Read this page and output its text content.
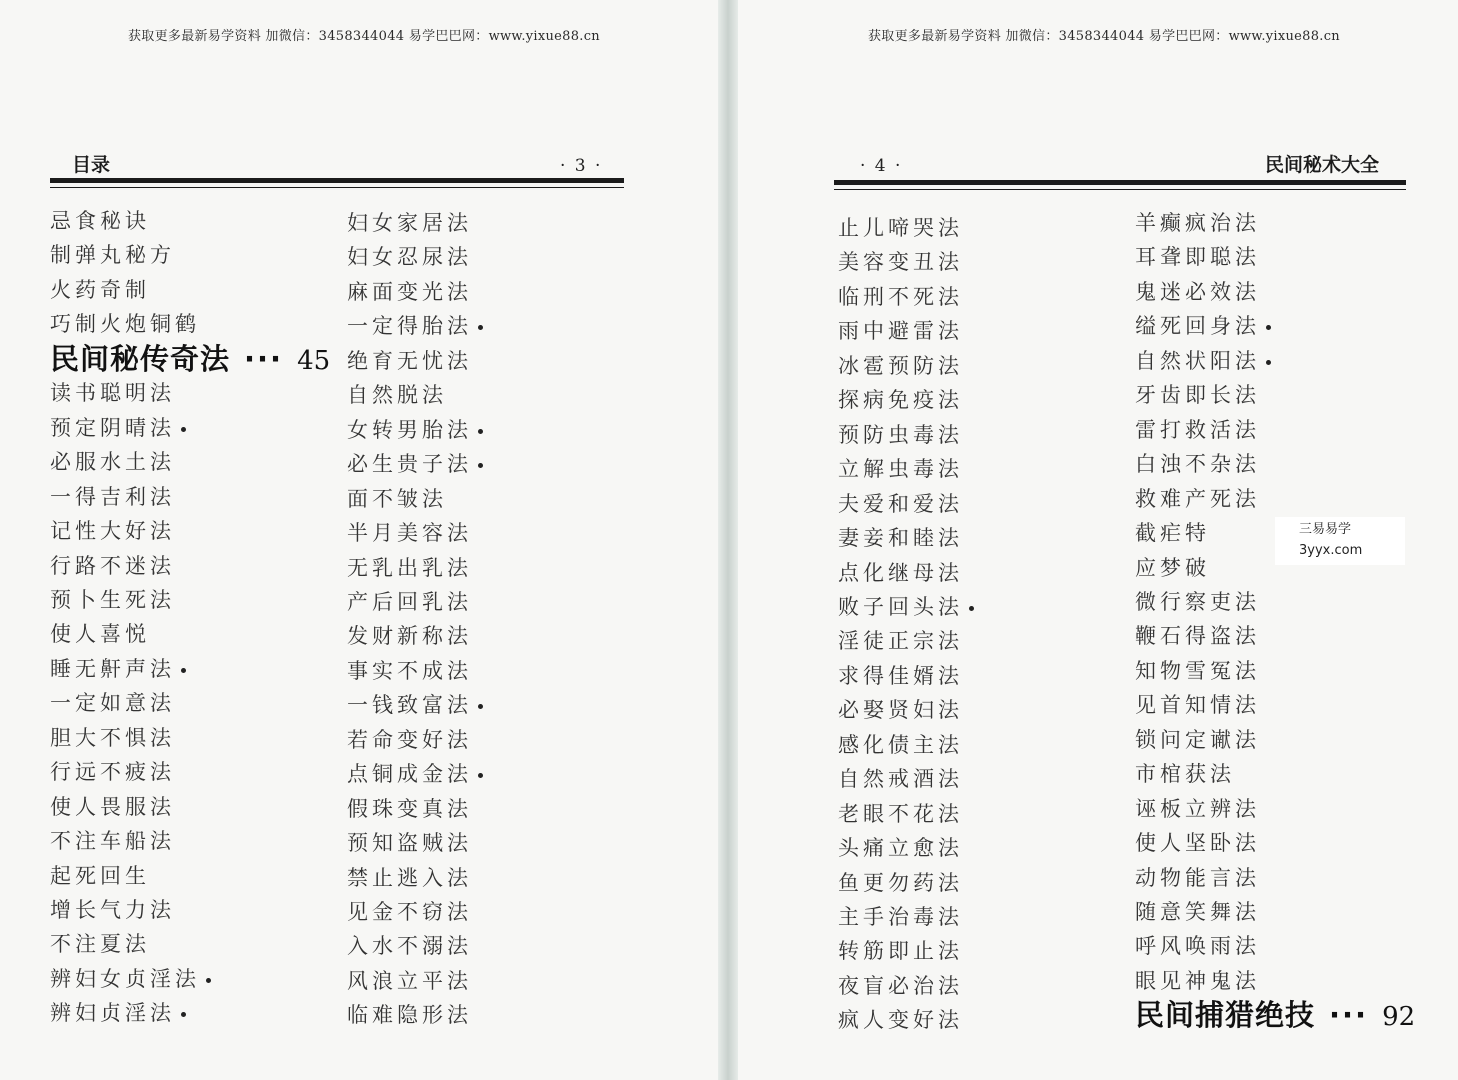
获取更多最新易学资料 加微信：3458344044 易学巴巴网：www.yixue88.cn
目录	· 3 ·
忌食秘诀
制弹丸秘方
火药奇制
巧制火炮铜鹤
民间秘传奇法 ··· 45
读书聪明法
预定阴晴法
必服水土法
一得吉利法
记性大好法
行路不迷法
预卜生死法
使人喜悦
睡无鼾声法
一定如意法
胆大不惧法
行远不疲法
使人畏服法
不注车船法
起死回生
增长气力法
不注夏法
辨妇女贞淫法
辨妇贞淫法
妇女家居法
妇女忍尿法
麻面变光法
一定得胎法
绝育无忧法
自然脱法
女转男胎法
必生贵子法
面不皱法
半月美容法
无乳出乳法
产后回乳法
发财新称法
事实不成法
一钱致富法
若命变好法
点铜成金法
假珠变真法
预知盗贼法
禁止逃入法
见金不窃法
入水不溺法
风浪立平法
临难隐形法
获取更多最新易学资料 加微信：3458344044 易学巴巴网：www.yixue88.cn
· 4 ·	民间秘术大全
止儿啼哭法
美容变丑法
临刑不死法
雨中避雷法
冰雹预防法
探病免疫法
预防虫毒法
立解虫毒法
夫爱和爱法
妻妾和睦法
点化继母法
败子回头法
淫徒正宗法
求得佳婿法
必娶贤妇法
感化债主法
自然戒酒法
老眼不花法
头痛立愈法
鱼更勿药法
主手治毒法
转筋即止法
夜盲必治法
疯人变好法
羊癫疯治法
耳聋即聪法
鬼迷必效法
缢死回身法
自然状阳法
牙齿即长法
雷打救活法
白浊不杂法
救难产死法
截疟特
应梦破
微行察吏法
鞭石得盗法
知物雪冤法
见首知情法
锁问定谳法
市棺获法
诬板立辨法
使人坚卧法
动物能言法
随意笑舞法
呼风唤雨法
眼见神鬼法
民间捕猎绝技 ··· 92
三易易学
3yyx.com
